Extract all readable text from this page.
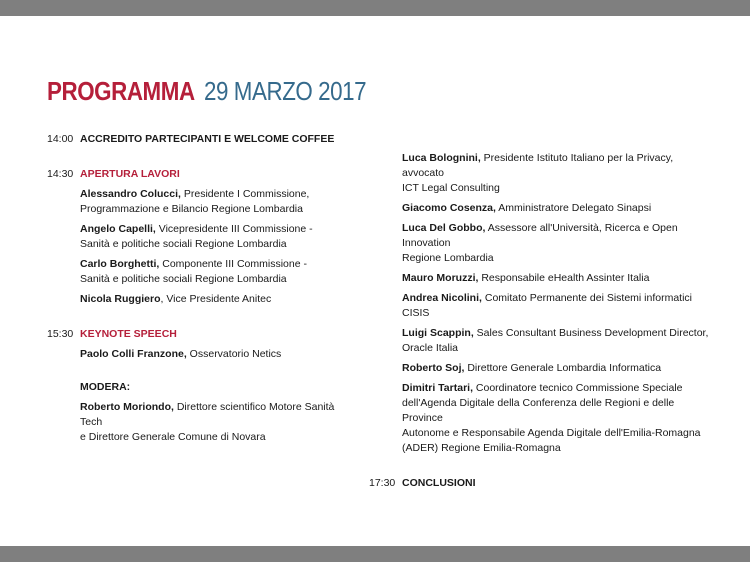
PROGRAMMA 29 MARZO 2017
14:00 ACCREDITO PARTECIPANTI E WELCOME COFFEE
14:30 APERTURA LAVORI
Alessandro Colucci, Presidente I Commissione,
Programmazione e Bilancio Regione Lombardia
Angelo Capelli, Vicepresidente III Commissione -
Sanità e politiche sociali Regione Lombardia
Carlo Borghetti, Componente III Commissione -
Sanità e politiche sociali Regione Lombardia
Nicola Ruggiero, Vice Presidente Anitec
15:30 KEYNOTE SPEECH
Paolo Colli Franzone, Osservatorio Netics
MODERA:
Roberto Moriondo, Direttore scientifico Motore Sanità Tech
e Direttore Generale Comune di Novara
Luca Bolognini, Presidente Istituto Italiano per la Privacy, avvocato
ICT Legal Consulting
Giacomo Cosenza, Amministratore Delegato Sinapsi
Luca Del Gobbo, Assessore all'Università, Ricerca e Open Innovation
Regione Lombardia
Mauro Moruzzi, Responsabile eHealth Assinter Italia
Andrea Nicolini, Comitato Permanente dei Sistemi informatici CISIS
Luigi Scappin, Sales Consultant Business Development Director,
Oracle Italia
Roberto Soj, Direttore Generale Lombardia Informatica
Dimitri Tartari, Coordinatore tecnico Commissione Speciale
dell'Agenda Digitale della Conferenza delle Regioni e delle Province
Autonome e Responsabile Agenda Digitale dell'Emilia-Romagna
(ADER) Regione Emilia-Romagna
17:30 CONCLUSIONI
